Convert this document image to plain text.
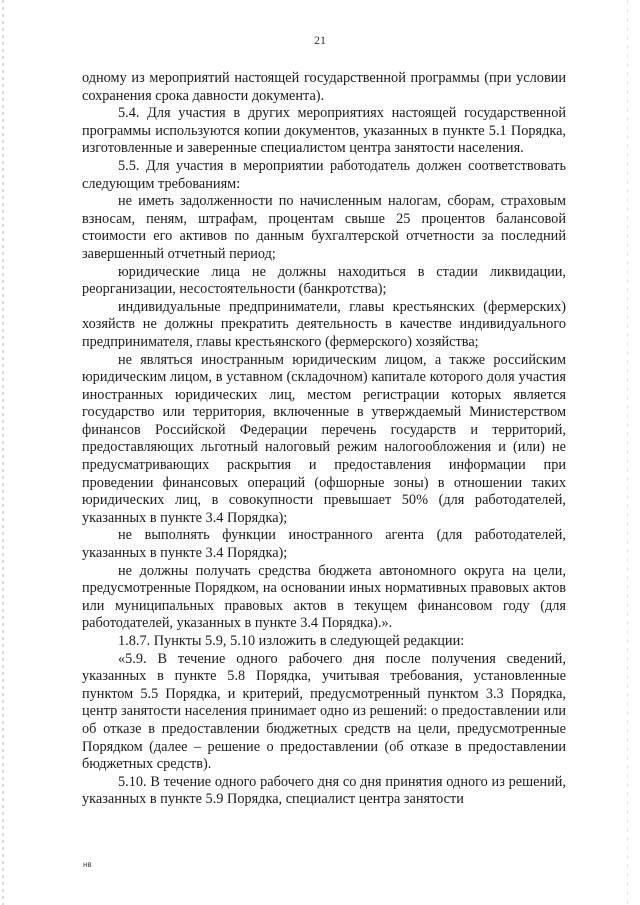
21

одному из мероприятий настоящей государственной программы (при условии сохранения срока давности документа).

5.4. Для участия в других мероприятиях настоящей государственной программы используются копии документов, указанных в пункте 5.1 Порядка, изготовленные и заверенные специалистом центра занятости населения.

5.5. Для участия в мероприятии работодатель должен соответствовать следующим требованиям:

не иметь задолженности по начисленным налогам, сборам, страховым взносам, пеням, штрафам, процентам свыше 25 процентов балансовой стоимости его активов по данным бухгалтерской отчетности за последний завершенный отчетный период;

юридические лица не должны находиться в стадии ликвидации, реорганизации, несостоятельности (банкротства);

индивидуальные предприниматели, главы крестьянских (фермерских) хозяйств не должны прекратить деятельность в качестве индивидуального предпринимателя, главы крестьянского (фермерского) хозяйства;

не являться иностранным юридическим лицом, а также российским юридическим лицом, в уставном (складочном) капитале которого доля участия иностранных юридических лиц, местом регистрации которых является государство или территория, включенные в утверждаемый Министерством финансов Российской Федерации перечень государств и территорий, предоставляющих льготный налоговый режим налогообложения и (или) не предусматривающих раскрытия и предоставления информации при проведении финансовых операций (офшорные зоны) в отношении таких юридических лиц, в совокупности превышает 50% (для работодателей, указанных в пункте 3.4 Порядка);

не выполнять функции иностранного агента (для работодателей, указанных в пункте 3.4 Порядка);

не должны получать средства бюджета автономного округа на цели, предусмотренные Порядком, на основании иных нормативных правовых актов или муниципальных правовых актов в текущем финансовом году (для работодателей, указанных в пункте 3.4 Порядка).».

1.8.7. Пункты 5.9, 5.10 изложить в следующей редакции:

«5.9. В течение одного рабочего дня после получения сведений, указанных в пункте 5.8 Порядка, учитывая требования, установленные пунктом 5.5 Порядка, и критерий, предусмотренный пунктом 3.3 Порядка, центр занятости населения принимает одно из решений: о предоставлении или об отказе в предоставлении бюджетных средств на цели, предусмотренные Порядком (далее – решение о предоставлении (об отказе в предоставлении бюджетных средств).

5.10. В течение одного рабочего дня со дня принятия одного из решений, указанных в пункте 5.9 Порядка, специалист центра занятости

нв
